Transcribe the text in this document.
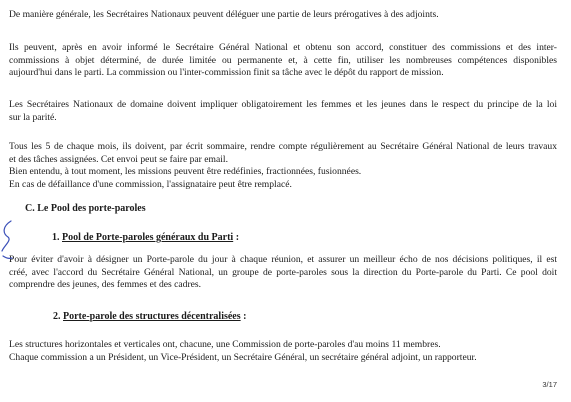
De manière générale, les Secrétaires Nationaux peuvent déléguer une partie de leurs prérogatives à des adjoints.
Ils peuvent, après en avoir informé le Secrétaire Général National et obtenu son accord, constituer des commissions et des inter-
commissions à objet déterminé, de durée limitée ou permanente et, à cette fin, utiliser les nombreuses compétences disponibles
aujourd'hui dans le parti. La commission ou l'inter-commission finit sa tâche avec le dépôt du rapport de mission.
Les Secrétaires Nationaux de domaine doivent impliquer obligatoirement les femmes et les jeunes dans le respect du principe de la loi
sur la parité.
Tous les 5 de chaque mois, ils doivent, par écrit sommaire, rendre compte régulièrement au Secrétaire Général National de leurs travaux
et des tâches assignées. Cet envoi peut se faire par email.
Bien entendu, à tout moment, les missions peuvent être redéfinies, fractionnées, fusionnées.
En cas de défaillance d'une commission, l'assignataire peut être remplacé.
C. Le Pool des porte-paroles
1. Pool de Porte-paroles généraux du Parti :
Pour éviter d'avoir à désigner un Porte-parole du jour à chaque réunion, et assurer un meilleur écho de nos décisions politiques, il est
créé, avec l'accord du Secrétaire Général National, un groupe de porte-paroles sous la direction du Porte-parole du Parti. Ce pool doit
comprendre des jeunes, des femmes et des cadres.
2. Porte-parole des structures décentralisées :
Les structures horizontales et verticales ont, chacune, une Commission de porte-paroles d'au moins 11 membres.
Chaque commission a un Président, un Vice-Président, un Secrétaire Général, un secrétaire général adjoint, un rapporteur.
3/17
